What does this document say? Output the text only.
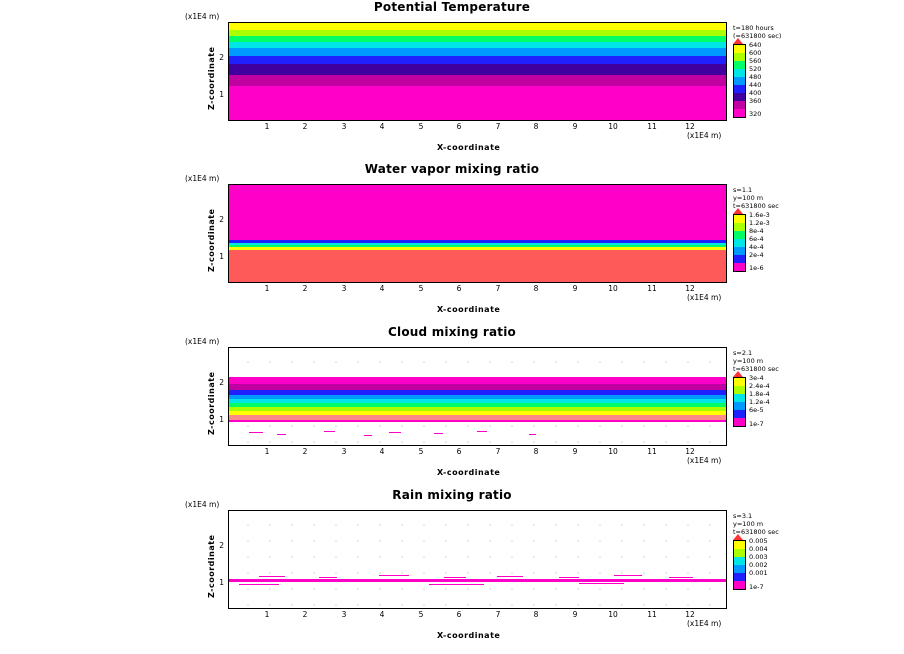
Potential Temperature
(x1E4 m)
Z-coordinate
X-coordinate
(x1E4 m)
1
2
1	2	3	4	5	6	7	8	9	10	11	12
t=180 hours
(=631800 sec)
640
600
560
520
480
440
400
360
320
Water vapor mixing ratio
(x1E4 m)
Z-coordinate
X-coordinate
(x1E4 m)
1
2
1	2	3	4	5	6	7	8	9	10	11	12
s=1.1
y=100 m
t=631800 sec
1.6e-3
1.2e-3
8e-4
6e-4
4e-4
2e-4
1e-6
Cloud mixing ratio
(x1E4 m)
Z-coordinate
X-coordinate
(x1E4 m)
1
2
1	2	3	4	5	6	7	8	9	10	11	12
s=2.1
y=100 m
t=631800 sec
3e-4
2.4e-4
1.8e-4
1.2e-4
6e-5
1e-7
Rain mixing ratio
(x1E4 m)
Z-coordinate
X-coordinate
(x1E4 m)
1
2
1	2	3	4	5	6	7	8	9	10	11	12
s=3.1
y=100 m
t=631800 sec
0.005
0.004
0.003
0.002
0.001
1e-7
